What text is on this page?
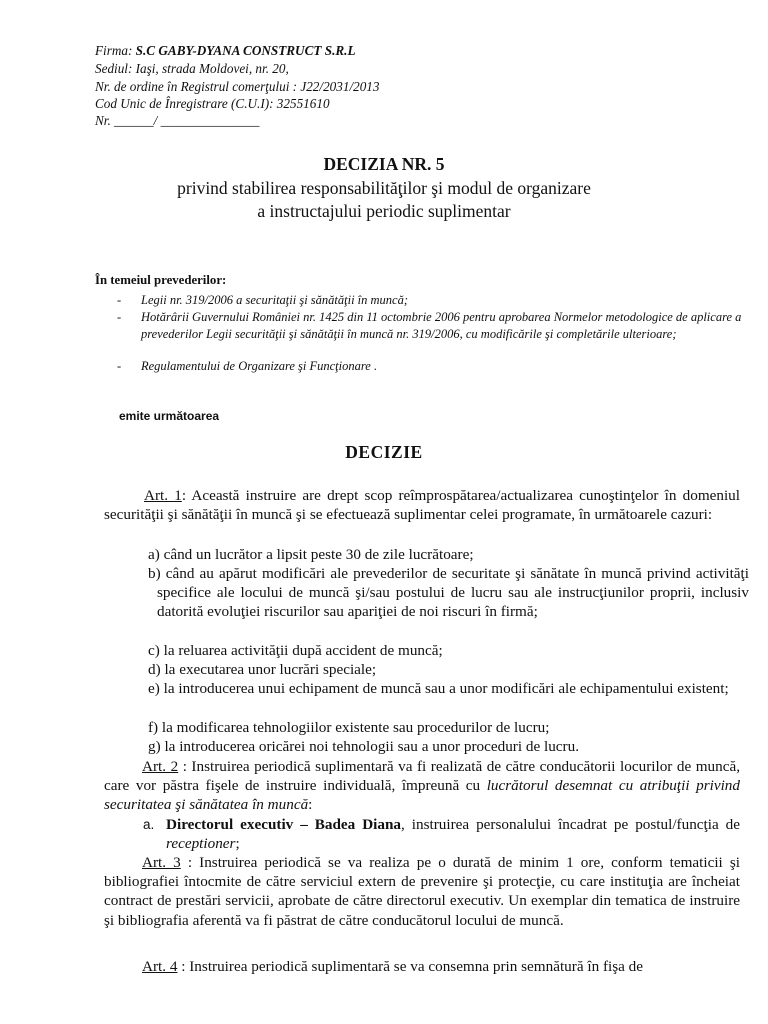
Firma: S.C GABY-DYANA CONSTRUCT S.R.L
Sediul: Iaşi, strada Moldovei, nr. 20,
Nr. de ordine în Registrul comerţului : J22/2031/2013
Cod Unic de Înregistrare (C.U.I): 32551610
Nr. ______/ _______________
DECIZIA NR. 5
privind stabilirea responsabilităţilor şi modul de organizare
a instructajului periodic suplimentar
În temeiul prevederilor:
-	Legii nr. 319/2006 a securitaţii şi sănătăţii în muncă;
-	Hotărârii Guvernului României nr. 1425 din 11 octombrie 2006 pentru aprobarea Normelor metodologice de aplicare a prevederilor Legii securităţii şi sănătăţii în muncă nr. 319/2006, cu modificările şi completările ulterioare;
-	Regulamentului de Organizare şi Funcţionare .
emite următoarea
DECIZIE
Art. 1: Această instruire are drept scop reîmprospătarea/actualizarea cunoştinţelor în domeniul securităţii şi sănătăţii în muncă şi se efectuează suplimentar celei programate, în următoarele cazuri:
a) când un lucrător a lipsit peste 30 de zile lucrătoare;
b) când au apărut modificări ale prevederilor de securitate şi sănătate în muncă privind activităţi specifice ale locului de muncă şi/sau postului de lucru sau ale instrucţiunilor proprii, inclusiv datorită evoluţiei riscurilor sau apariţiei de noi riscuri în firmă;
c) la reluarea activităţii după accident de muncă;
d) la executarea unor lucrări speciale;
e) la introducerea unui echipament de muncă sau a unor modificări ale echipamentului existent;
f) la modificarea tehnologiilor existente sau procedurilor de lucru;
g) la introducerea oricărei noi tehnologii sau a unor proceduri de lucru.
Art. 2 : Instruirea periodică suplimentară va fi realizată de către conducătorii locurilor de muncă, care vor păstra fişele de instruire individuală, împreună cu lucrătorul desemnat cu atribuţii privind securitatea şi sănătatea în muncă:
a. Directorul executiv – Badea Diana, instruirea personalului încadrat pe postul/funcţia de receptioner;
Art. 3 : Instruirea periodică se va realiza pe o durată de minim 1 ore, conform tematicii şi bibliografiei întocmite de către serviciul extern de prevenire şi protecţie, cu care instituţia are încheiat contract de prestări servicii, aprobate de către directorul executiv. Un exemplar din tematica de instruire şi bibliografia aferentă va fi păstrat de către conducătorul locului de muncă.
Art. 4 : Instruirea periodică suplimentară se va consemna prin semnătură în fişa de
